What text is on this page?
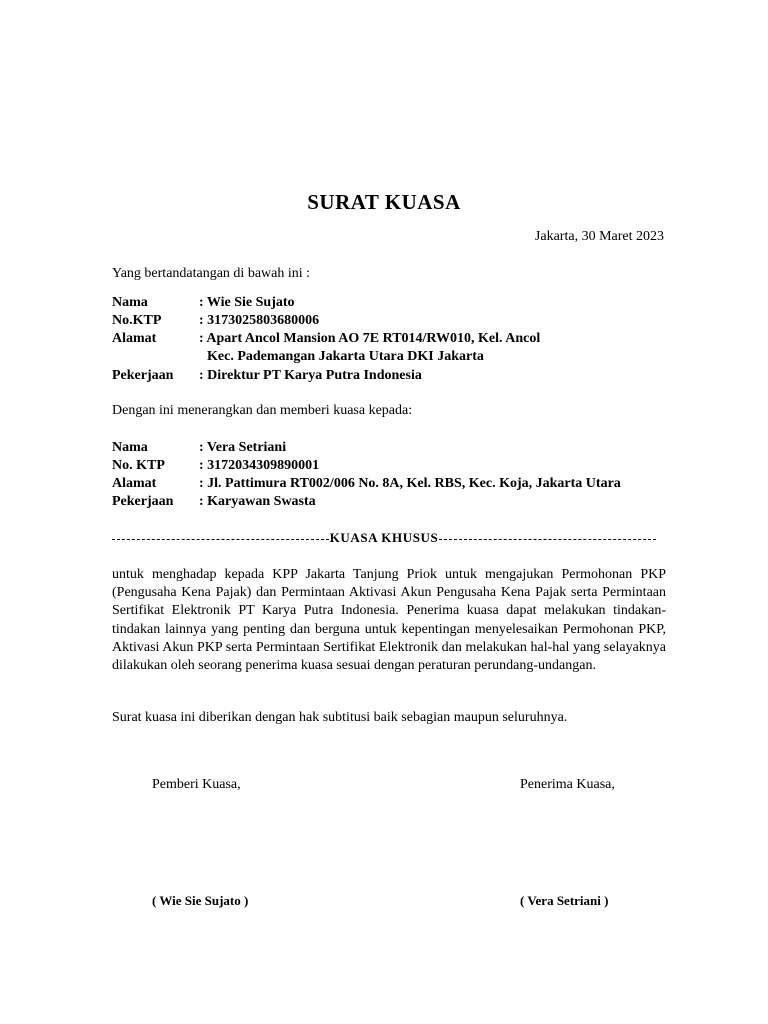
SURAT KUASA
Jakarta, 30 Maret 2023
Yang bertandatangan di bawah ini :
Nama	: Wie Sie Sujato
No.KTP	: 3173025803680006
Alamat	: Apart Ancol Mansion AO 7E RT014/RW010, Kel. Ancol
Kec. Pademangan Jakarta Utara DKI Jakarta
Pekerjaan : Direktur PT Karya Putra Indonesia
Dengan ini menerangkan dan memberi kuasa kepada:
Nama	: Vera Setriani
No. KTP : 3172034309890001
Alamat	: Jl. Pattimura RT002/006 No. 8A, Kel. RBS, Kec. Koja, Jakarta Utara
Pekerjaan : Karyawan Swasta
KUASA KHUSUS
untuk menghadap kepada KPP Jakarta Tanjung Priok untuk mengajukan Permohonan PKP (Pengusaha Kena Pajak) dan Permintaan Aktivasi Akun Pengusaha Kena Pajak serta Permintaan Sertifikat Elektronik PT Karya Putra Indonesia. Penerima kuasa dapat melakukan tindakan-tindakan lainnya yang penting dan berguna untuk kepentingan menyelesaikan Permohonan PKP, Aktivasi Akun PKP serta Permintaan Sertifikat Elektronik dan melakukan hal-hal yang selayaknya dilakukan oleh seorang penerima kuasa sesuai dengan peraturan perundang-undangan.
Surat kuasa ini diberikan dengan hak subtitusi baik sebagian maupun seluruhnya.
Pemberi Kuasa,	Penerima Kuasa,
( Wie Sie Sujato )	( Vera Setriani )
